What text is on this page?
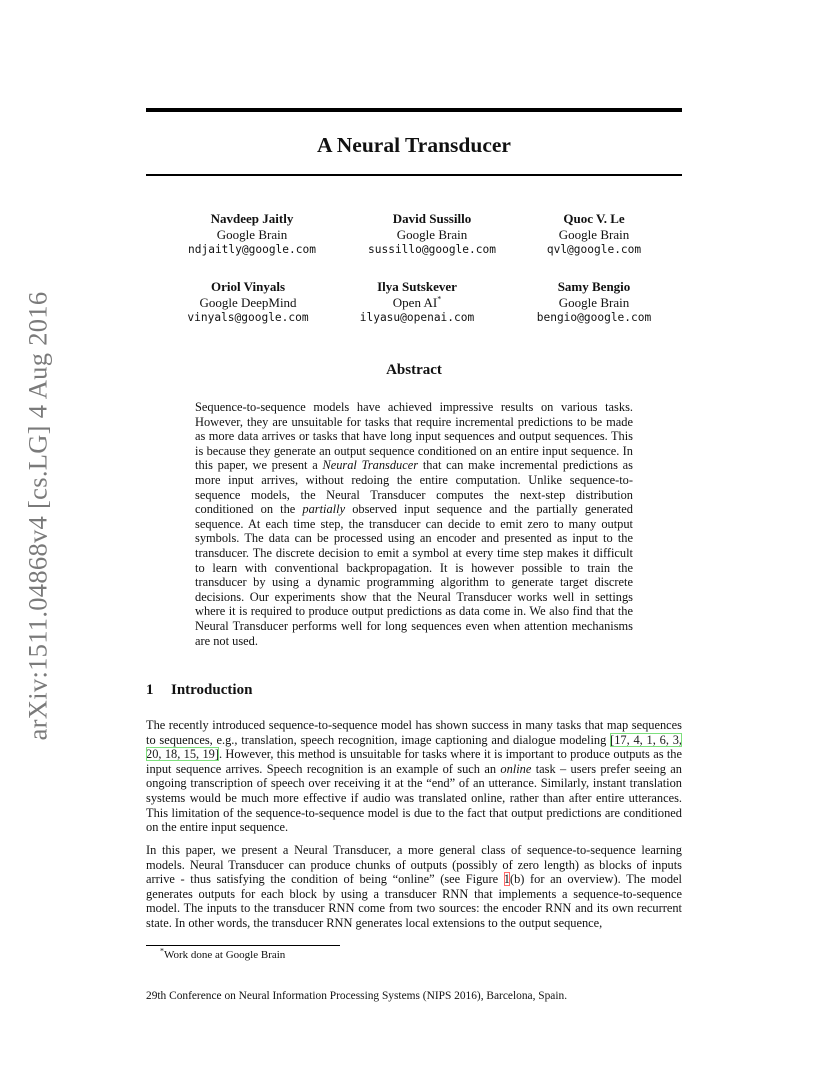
arXiv:1511.04868v4 [cs.LG] 4 Aug 2016
A Neural Transducer
Navdeep Jaitly
Google Brain
ndjaitly@google.com
David Sussillo
Google Brain
sussillo@google.com
Quoc V. Le
Google Brain
qvl@google.com
Oriol Vinyals
Google DeepMind
vinyals@google.com
Ilya Sutskever
Open AI*
ilyasu@openai.com
Samy Bengio
Google Brain
bengio@google.com
Abstract
Sequence-to-sequence models have achieved impressive results on various tasks. However, they are unsuitable for tasks that require incremental predictions to be made as more data arrives or tasks that have long input sequences and output sequences. This is because they generate an output sequence conditioned on an entire input sequence. In this paper, we present a Neural Transducer that can make incremental predictions as more input arrives, without redoing the entire computation. Unlike sequence-to-sequence models, the Neural Transducer computes the next-step distribution conditioned on the partially observed input sequence and the partially generated sequence. At each time step, the transducer can decide to emit zero to many output symbols. The data can be processed using an encoder and presented as input to the transducer. The discrete decision to emit a symbol at every time step makes it difficult to learn with conventional backpropagation. It is however possible to train the transducer by using a dynamic programming algorithm to generate target discrete decisions. Our experiments show that the Neural Transducer works well in settings where it is required to produce output predictions as data come in. We also find that the Neural Transducer performs well for long sequences even when attention mechanisms are not used.
1 Introduction
The recently introduced sequence-to-sequence model has shown success in many tasks that map sequences to sequences, e.g., translation, speech recognition, image captioning and dialogue modeling [17, 4, 1, 6, 3, 20, 18, 15, 19]. However, this method is unsuitable for tasks where it is important to produce outputs as the input sequence arrives. Speech recognition is an example of such an online task – users prefer seeing an ongoing transcription of speech over receiving it at the “end” of an utterance. Similarly, instant translation systems would be much more effective if audio was translated online, rather than after entire utterances. This limitation of the sequence-to-sequence model is due to the fact that output predictions are conditioned on the entire input sequence.
In this paper, we present a Neural Transducer, a more general class of sequence-to-sequence learning models. Neural Transducer can produce chunks of outputs (possibly of zero length) as blocks of inputs arrive - thus satisfying the condition of being “online” (see Figure 1(b) for an overview). The model generates outputs for each block by using a transducer RNN that implements a sequence-to-sequence model. The inputs to the transducer RNN come from two sources: the encoder RNN and its own recurrent state. In other words, the transducer RNN generates local extensions to the output sequence,
*Work done at Google Brain
29th Conference on Neural Information Processing Systems (NIPS 2016), Barcelona, Spain.
